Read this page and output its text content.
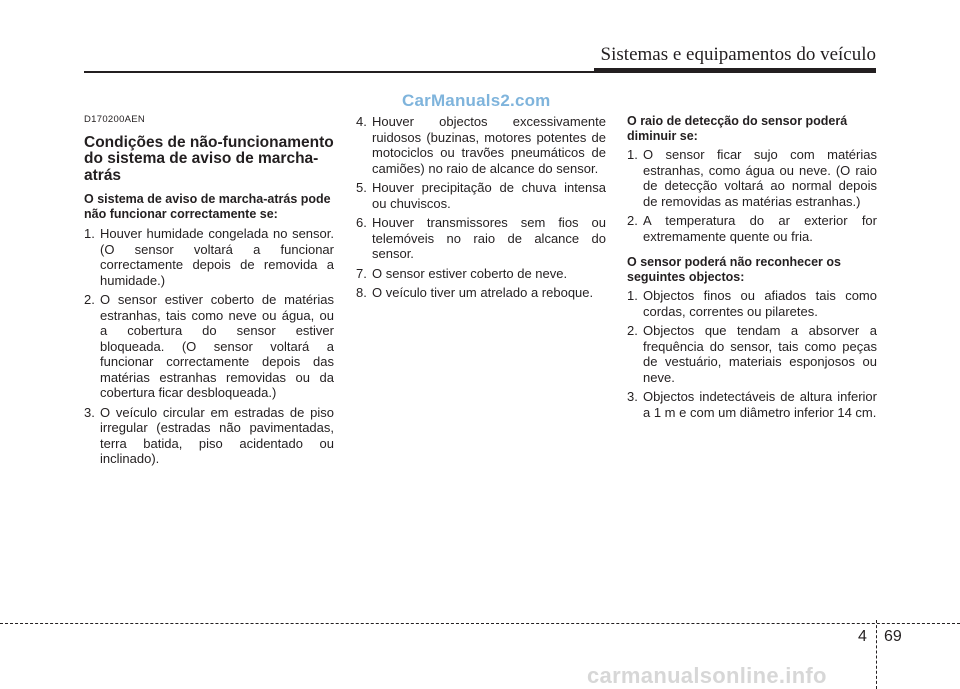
Sistemas e equipamentos do veículo
CarManuals2.com
D170200AEN
Condições de não-funcionamento do sistema de aviso de marcha-atrás
O sistema de aviso de marcha-atrás pode não funcionar correctamente se:
1. Houver humidade congelada no sensor. (O sensor voltará a funcionar correctamente depois de removida a humidade.)
2. O sensor estiver coberto de matérias estranhas, tais como neve ou água, ou a cobertura do sensor estiver bloqueada. (O sensor voltará a funcionar correctamente depois das matérias estranhas removidas ou da cobertura ficar desbloqueada.)
3. O veículo circular em estradas de piso irregular (estradas não pavimentadas, terra batida, piso acidentado ou inclinado).
4. Houver objectos excessivamente ruidosos (buzinas, motores potentes de motociclos ou travões pneumáticos de camiões) no raio de alcance do sensor.
5. Houver precipitação de chuva intensa ou chuviscos.
6. Houver transmissores sem fios ou telemóveis no raio de alcance do sensor.
7. O sensor estiver coberto de neve.
8. O veículo tiver um atrelado a reboque.
O raio de detecção do sensor poderá diminuir se:
1. O sensor ficar sujo com matérias estranhas, como água ou neve. (O raio de detecção voltará ao normal depois de removidas as matérias estranhas.)
2. A temperatura do ar exterior for extremamente quente ou fria.
O sensor poderá não reconhecer os seguintes objectos:
1. Objectos finos ou afiados tais como cordas, correntes ou pilaretes.
2. Objectos que tendam a absorver a frequência do sensor, tais como peças de vestuário, materiais esponjosos ou neve.
3. Objectos indetectáveis de altura inferior a 1 m e com um diâmetro inferior 14 cm.
4 69
carmanualsonline.info
